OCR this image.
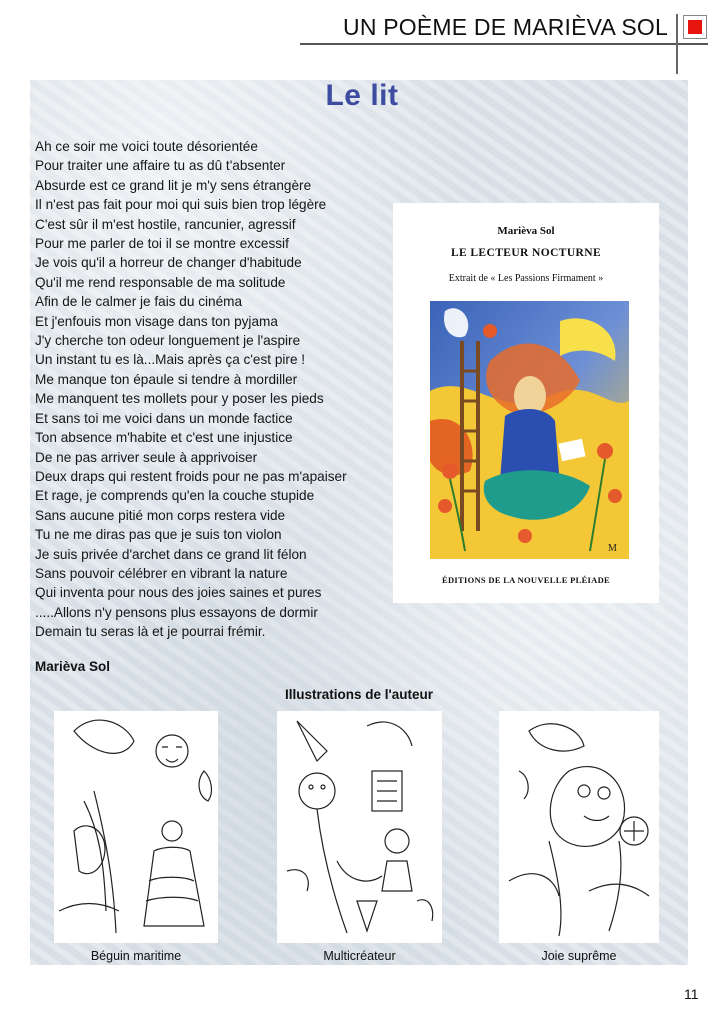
UN POÈME DE MARIÈVA SOL
Le lit
Ah ce soir me voici toute désorientée
Pour traiter une affaire tu as dû t'absenter
Absurde est ce grand lit je m'y sens étrangère
Il n'est pas fait pour moi qui suis bien trop légère
C'est sûr il m'est hostile, rancunier, agressif
Pour me parler de toi il se montre excessif
Je vois qu'il a horreur de changer d'habitude
Qu'il me rend responsable de ma solitude
Afin de le calmer je fais du cinéma
Et j'enfouis mon visage dans ton pyjama
J'y cherche ton odeur longuement je l'aspire
Un instant tu es là...Mais après ça c'est pire !
Me manque ton épaule si tendre à mordiller
Me manquent tes mollets pour y poser les pieds
Et sans toi me voici dans un monde factice
Ton absence m'habite et c'est une injustice
De ne pas arriver seule à apprivoiser
Deux draps qui restent froids pour ne pas m'apaiser
Et rage, je comprends qu'en la couche stupide
Sans aucune pitié mon corps restera vide
Tu ne me diras pas que je suis ton violon
Je suis privée d'archet dans ce grand lit félon
Sans pouvoir célébrer en vibrant la nature
Qui inventa pour nous des joies saines et pures
.....Allons n'y pensons plus essayons de dormir
Demain tu seras là et je pourrai frémir.
Marièva Sol
Marièva Sol
LE LECTEUR NOCTURNE
Extrait de « Les Passions Firmament »
M
ÉDITIONS DE LA NOUVELLE PLÉIADE
Illustrations de l'auteur
Béguin maritime	Multicréateur	Joie suprême
11
